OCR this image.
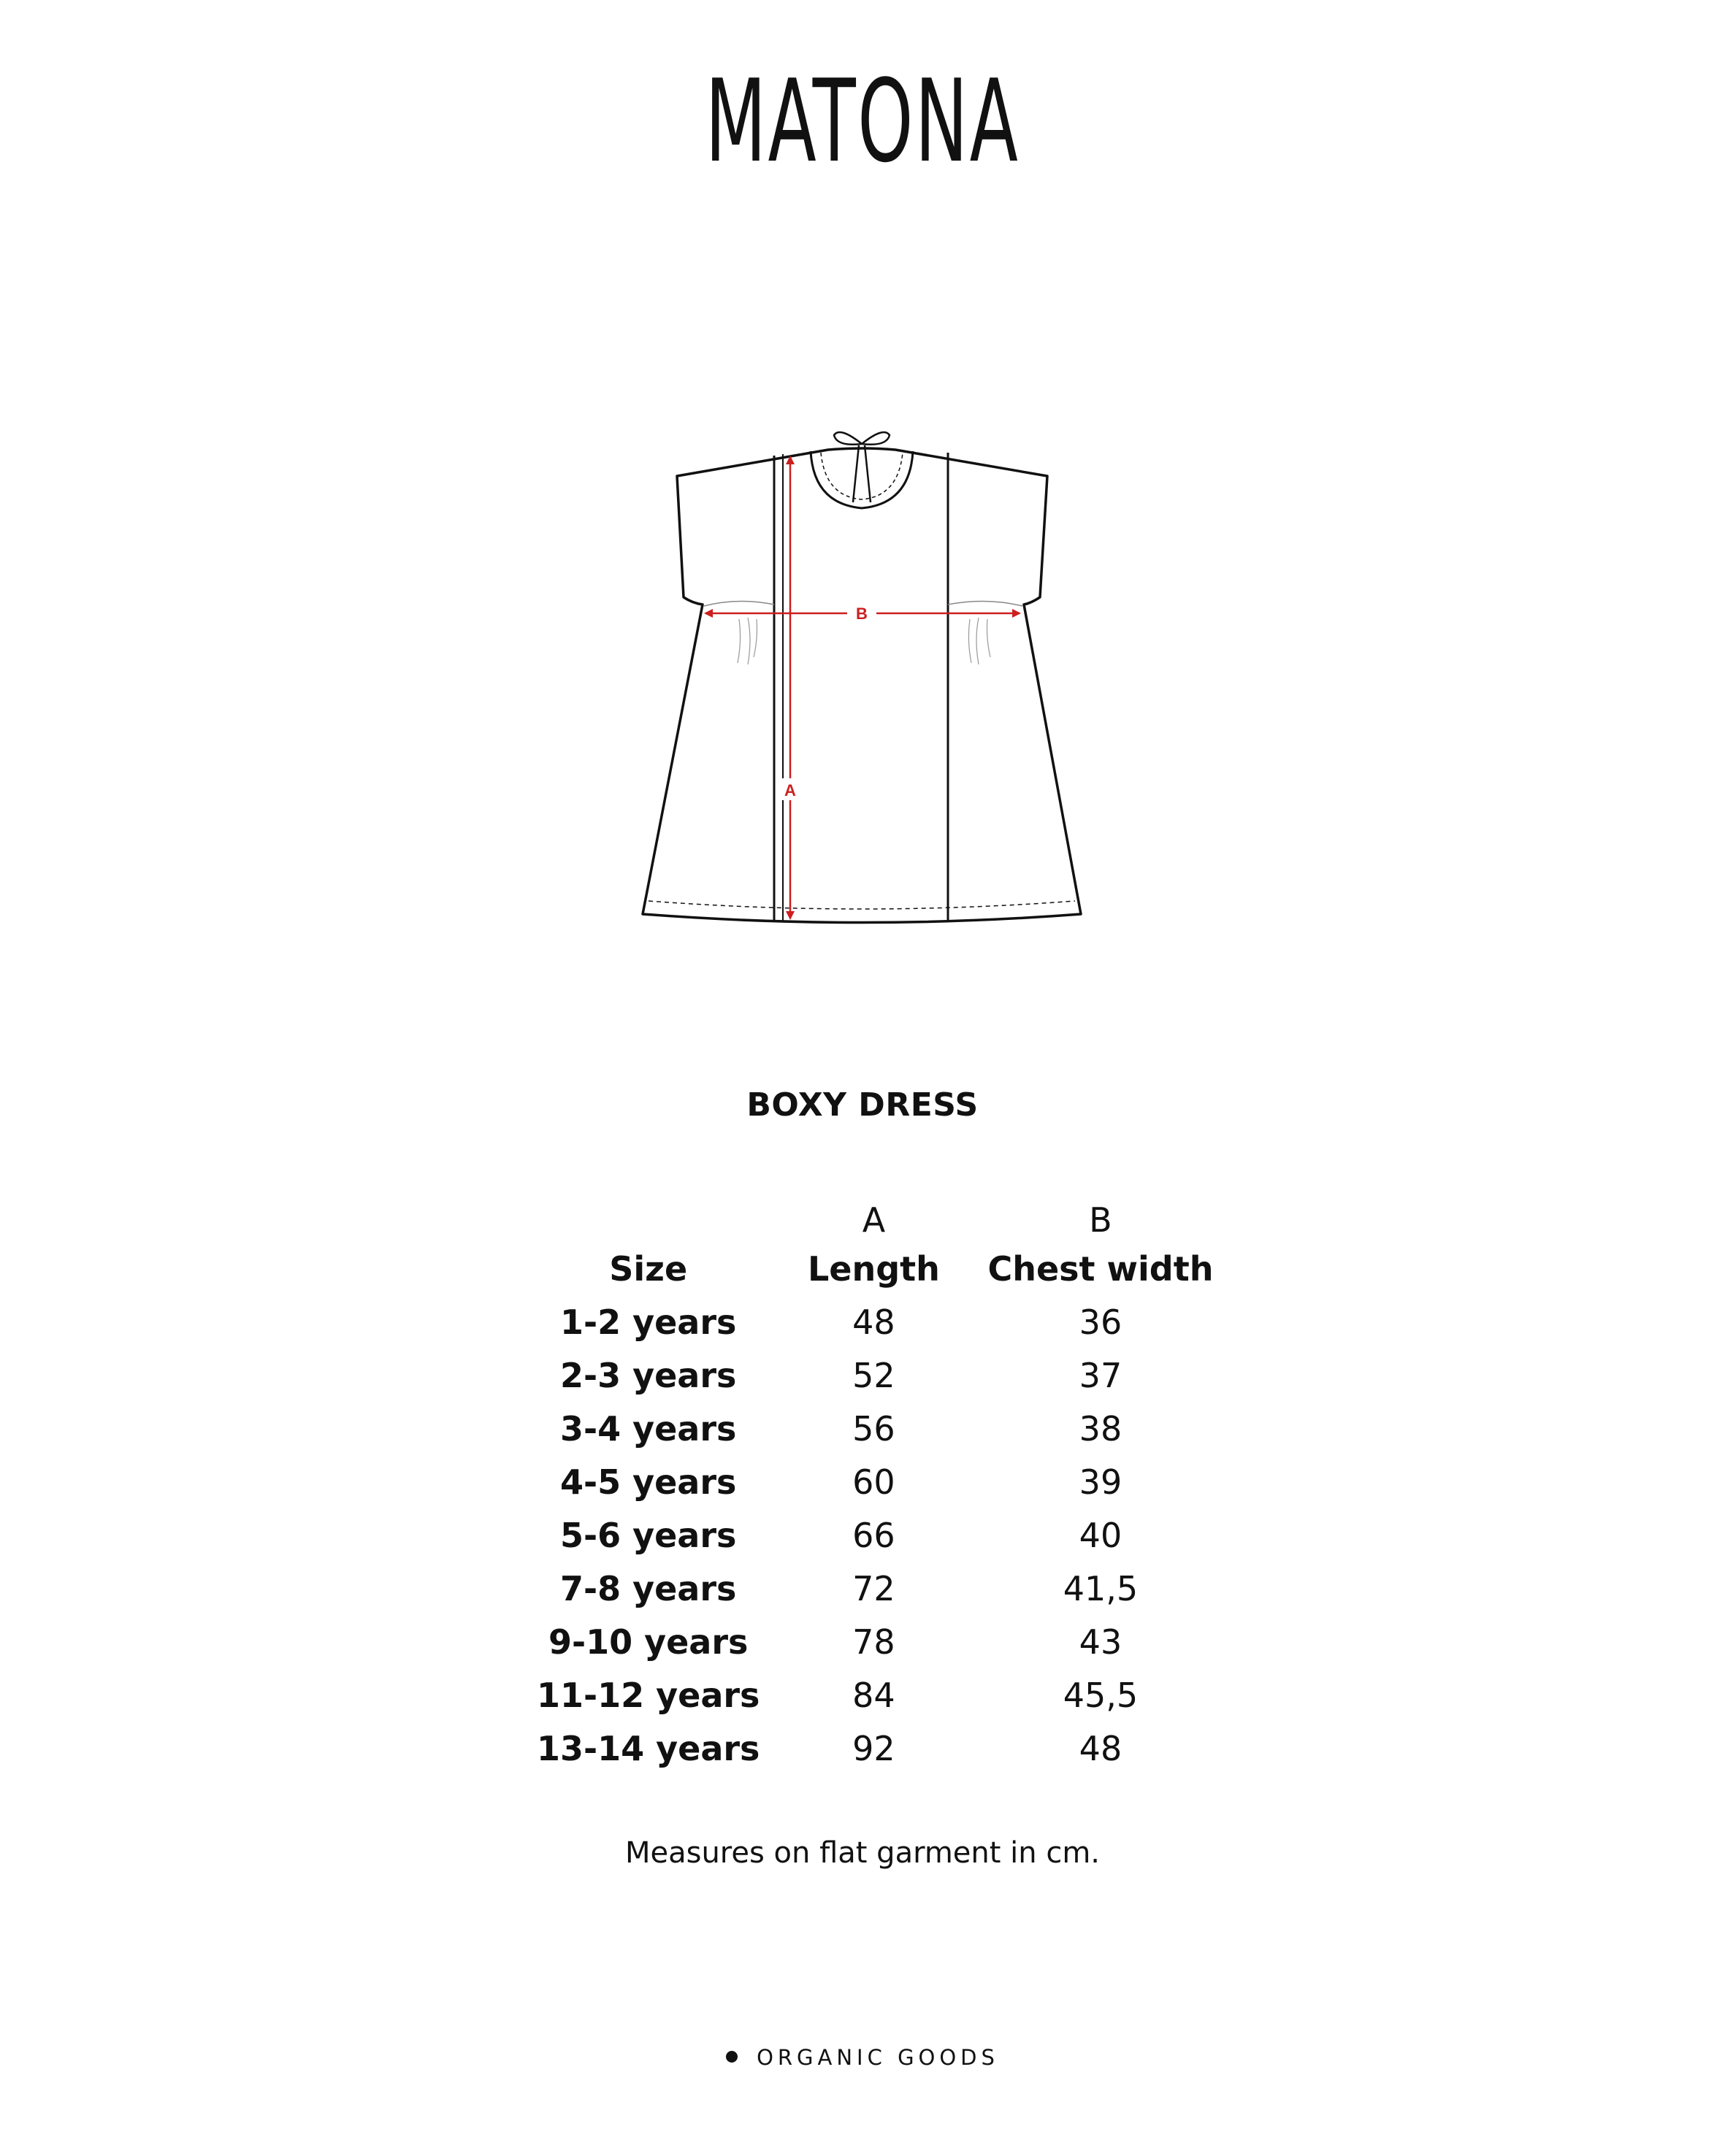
MATONA
A
B
BOXY DRESS
	A	B
Size	Length	Chest width
1-2 years	48	36
2-3 years	52	37
3-4 years	56	38
4-5 years	60	39
5-6 years	66	40
7-8 years	72	41,5
9-10 years	78	43
11-12 years	84	45,5
13-14 years	92	48
Measures on flat garment in cm.
ORGANIC GOODS
